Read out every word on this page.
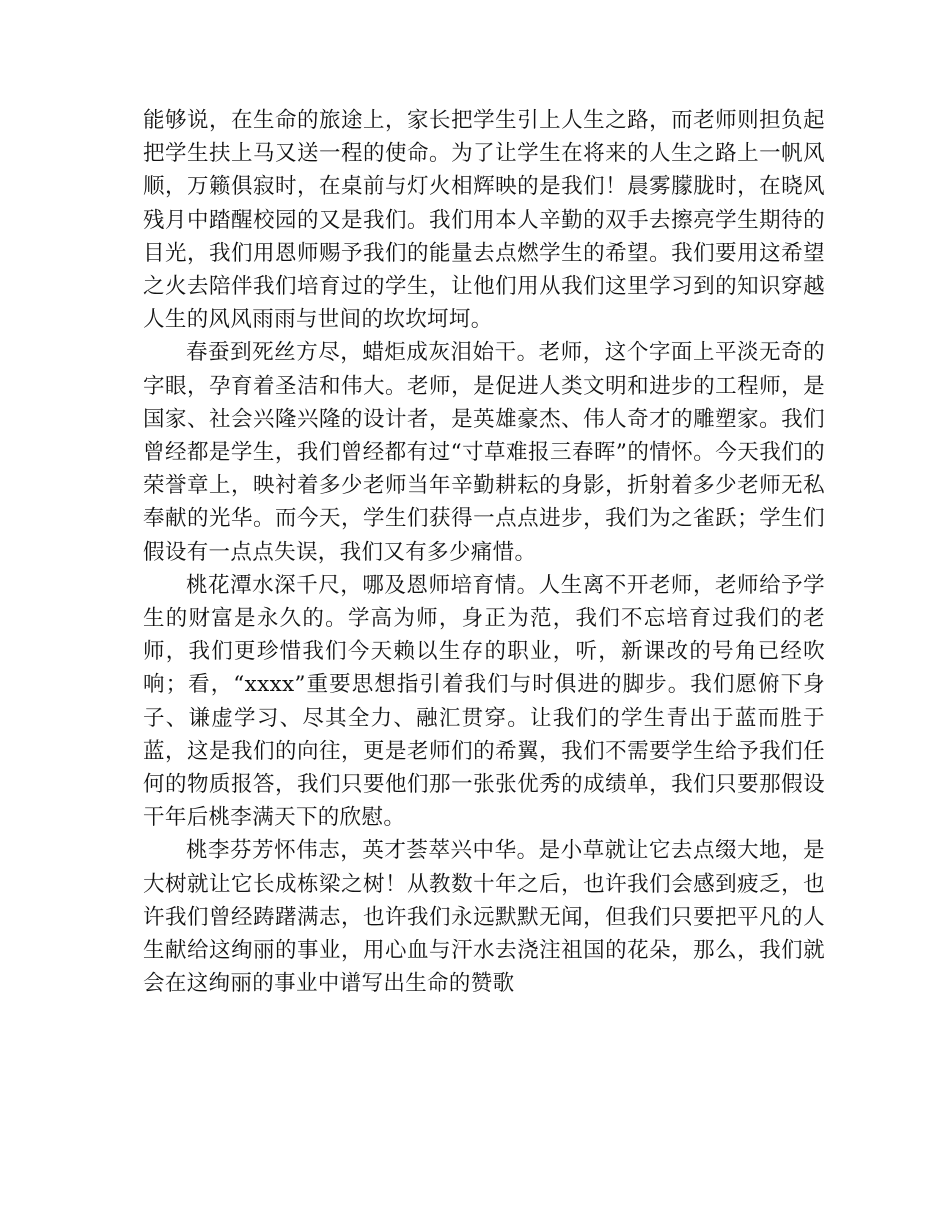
能够说，在生命的旅途上，家长把学生引上人生之路，而老师则担负起把学生扶上马又送一程的使命。为了让学生在将来的人生之路上一帆风顺，万籁俱寂时，在桌前与灯火相辉映的是我们！晨雾朦胧时，在晓风残月中踏醒校园的又是我们。我们用本人辛勤的双手去擦亮学生期待的目光，我们用恩师赐予我们的能量去点燃学生的希望。我们要用这希望之火去陪伴我们培育过的学生，让他们用从我们这里学习到的知识穿越人生的风风雨雨与世间的坎坎坷坷。

春蚕到死丝方尽，蜡炬成灰泪始干。老师，这个字面上平淡无奇的字眼，孕育着圣洁和伟大。老师，是促进人类文明和进步的工程师，是国家、社会兴隆兴隆的设计者，是英雄豪杰、伟人奇才的雕塑家。我们曾经都是学生，我们曾经都有过“寸草难报三春晖”的情怀。今天我们的荣誉章上，映衬着多少老师当年辛勤耕耘的身影，折射着多少老师无私奉献的光华。而今天，学生们获得一点点进步，我们为之雀跃；学生们假设有一点点失误，我们又有多少痛惜。

桃花潭水深千尺，哪及恩师培育情。人生离不开老师，老师给予学生的财富是永久的。学高为师，身正为范，我们不忘培育过我们的老师，我们更珍惜我们今天赖以生存的职业，听，新课改的号角已经吹响；看，“xxxx”重要思想指引着我们与时俱进的脚步。我们愿俯下身子、谦虚学习、尽其全力、融汇贯穿。让我们的学生青出于蓝而胜于蓝，这是我们的向往，更是老师们的希翼，我们不需要学生给予我们任何的物质报答，我们只要他们那一张张优秀的成绩单，我们只要那假设干年后桃李满天下的欣慰。

桃李芬芳怀伟志，英才荟萃兴中华。是小草就让它去点缀大地，是大树就让它长成栋梁之树！从教数十年之后，也许我们会感到疲乏，也许我们曾经踌躇满志，也许我们永远默默无闻，但我们只要把平凡的人生献给这绚丽的事业，用心血与汗水去浇注祖国的花朵，那么，我们就会在这绚丽的事业中谱写出生命的赞歌
